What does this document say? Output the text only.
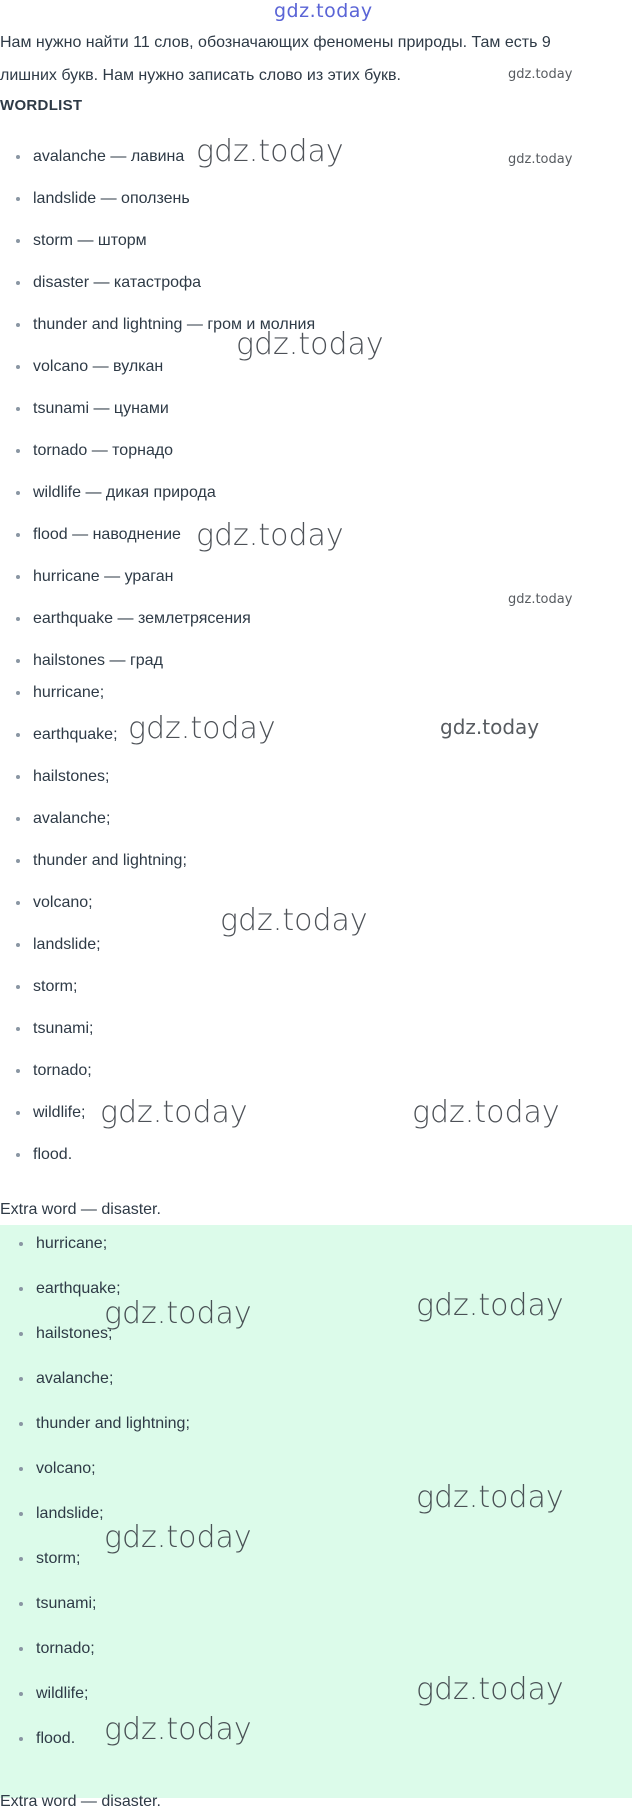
gdz.today
Нам нужно найти 11 слов, обозначающих феномены природы. Там есть 9 лишних букв. Нам нужно записать слово из этих букв.
WORDLIST
avalanche — лавина
landslide — оползень
storm — шторм
disaster — катастрофа
thunder and lightning — гром и молния
volcano — вулкан
tsunami — цунами
tornado — торнадо
wildlife — дикая природа
flood — наводнение
hurricane — ураган
earthquake — землетрясения
hailstones — град
hurricane;
earthquake;
hailstones;
avalanche;
thunder and lightning;
volcano;
landslide;
storm;
tsunami;
tornado;
wildlife;
flood.
Extra word — disaster.
hurricane;
earthquake;
hailstones;
avalanche;
thunder and lightning;
volcano;
landslide;
storm;
tsunami;
tornado;
wildlife;
flood.
Extra word — disaster.
gdz.today
gdz.today	gdz.today
gdz.today
gdz.today
gdz.today
gdz.today	gdz.today
gdz.today
gdz.today	gdz.today
gdz.today	gdz.today
gdz.today
gdz.today
gdz.today
gdz.today
